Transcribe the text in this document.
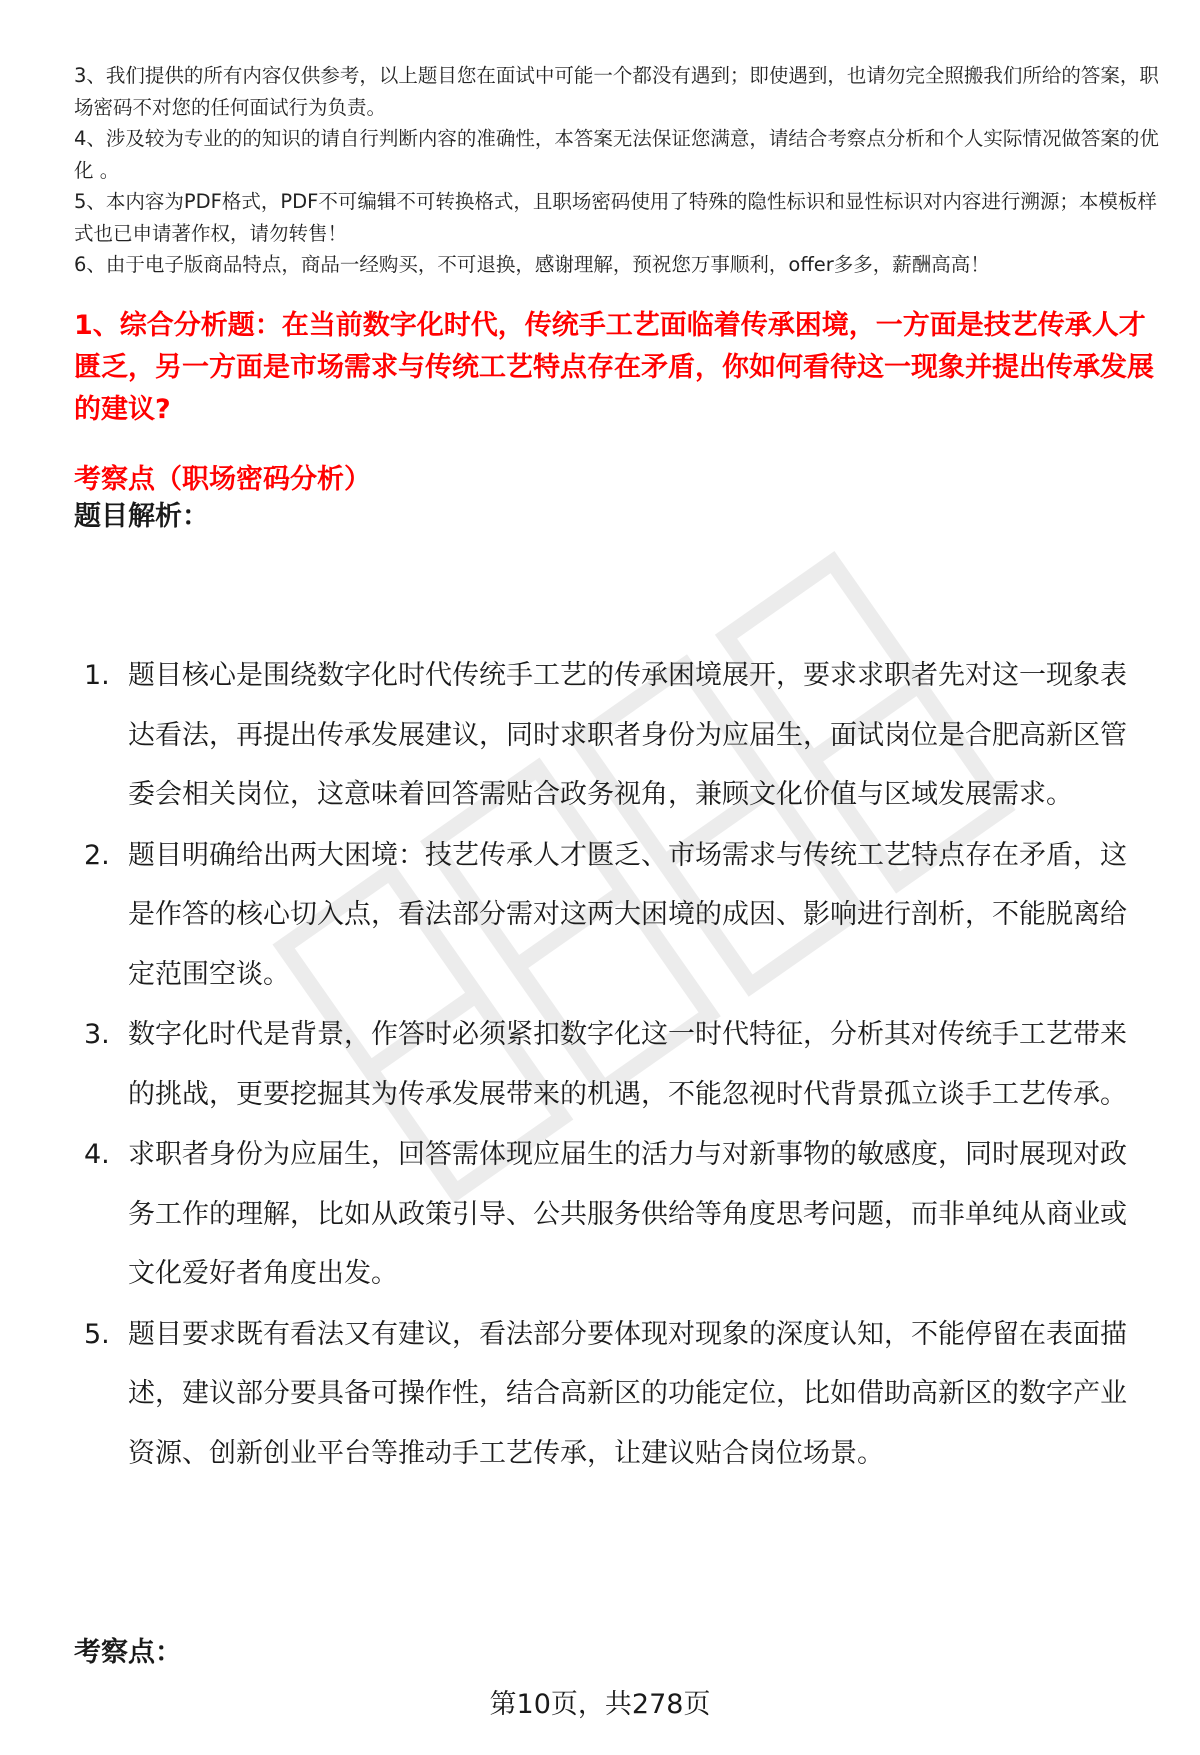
3、我们提供的所有内容仅供参考，以上题目您在面试中可能一个都没有遇到；即使遇到，也请勿完全照搬我们所给的答案，职场密码不对您的任何面试行为负责。

4、涉及较为专业的的知识的请自行判断内容的准确性，本答案无法保证您满意，请结合考察点分析和个人实际情况做答案的优化 。

5、本内容为PDF格式，PDF不可编辑不可转换格式，且职场密码使用了特殊的隐性标识和显性标识对内容进行溯源；本模板样式也已申请著作权，请勿转售！

6、由于电子版商品特点，商品一经购买，不可退换，感谢理解，预祝您万事顺利，offer多多，薪酬高高！

1、综合分析题：在当前数字化时代，传统手工艺面临着传承困境，一方面是技艺传承人才匮乏，另一方面是市场需求与传统工艺特点存在矛盾，你如何看待这一现象并提出传承发展的建议?
考察点（职场密码分析）
题目解析：
1. 题目核心是围绕数字化时代传统手工艺的传承困境展开，要求求职者先对这一现象表达看法，再提出传承发展建议，同时求职者身份为应届生，面试岗位是合肥高新区管委会相关岗位，这意味着回答需贴合政务视角，兼顾文化价值与区域发展需求。
2. 题目明确给出两大困境：技艺传承人才匮乏、市场需求与传统工艺特点存在矛盾，这是作答的核心切入点，看法部分需对这两大困境的成因、影响进行剖析，不能脱离给定范围空谈。
3. 数字化时代是背景，作答时必须紧扣数字化这一时代特征，分析其对传统手工艺带来的挑战，更要挖掘其为传承发展带来的机遇，不能忽视时代背景孤立谈手工艺传承。
4. 求职者身份为应届生，回答需体现应届生的活力与对新事物的敏感度，同时展现对政务工作的理解，比如从政策引导、公共服务供给等角度思考问题，而非单纯从商业或文化爱好者角度出发。
5. 题目要求既有看法又有建议，看法部分要体现对现象的深度认知，不能停留在表面描述，建议部分要具备可操作性，结合高新区的功能定位，比如借助高新区的数字产业资源、创新创业平台等推动手工艺传承，让建议贴合岗位场景。
考察点：
第10页，共278页
